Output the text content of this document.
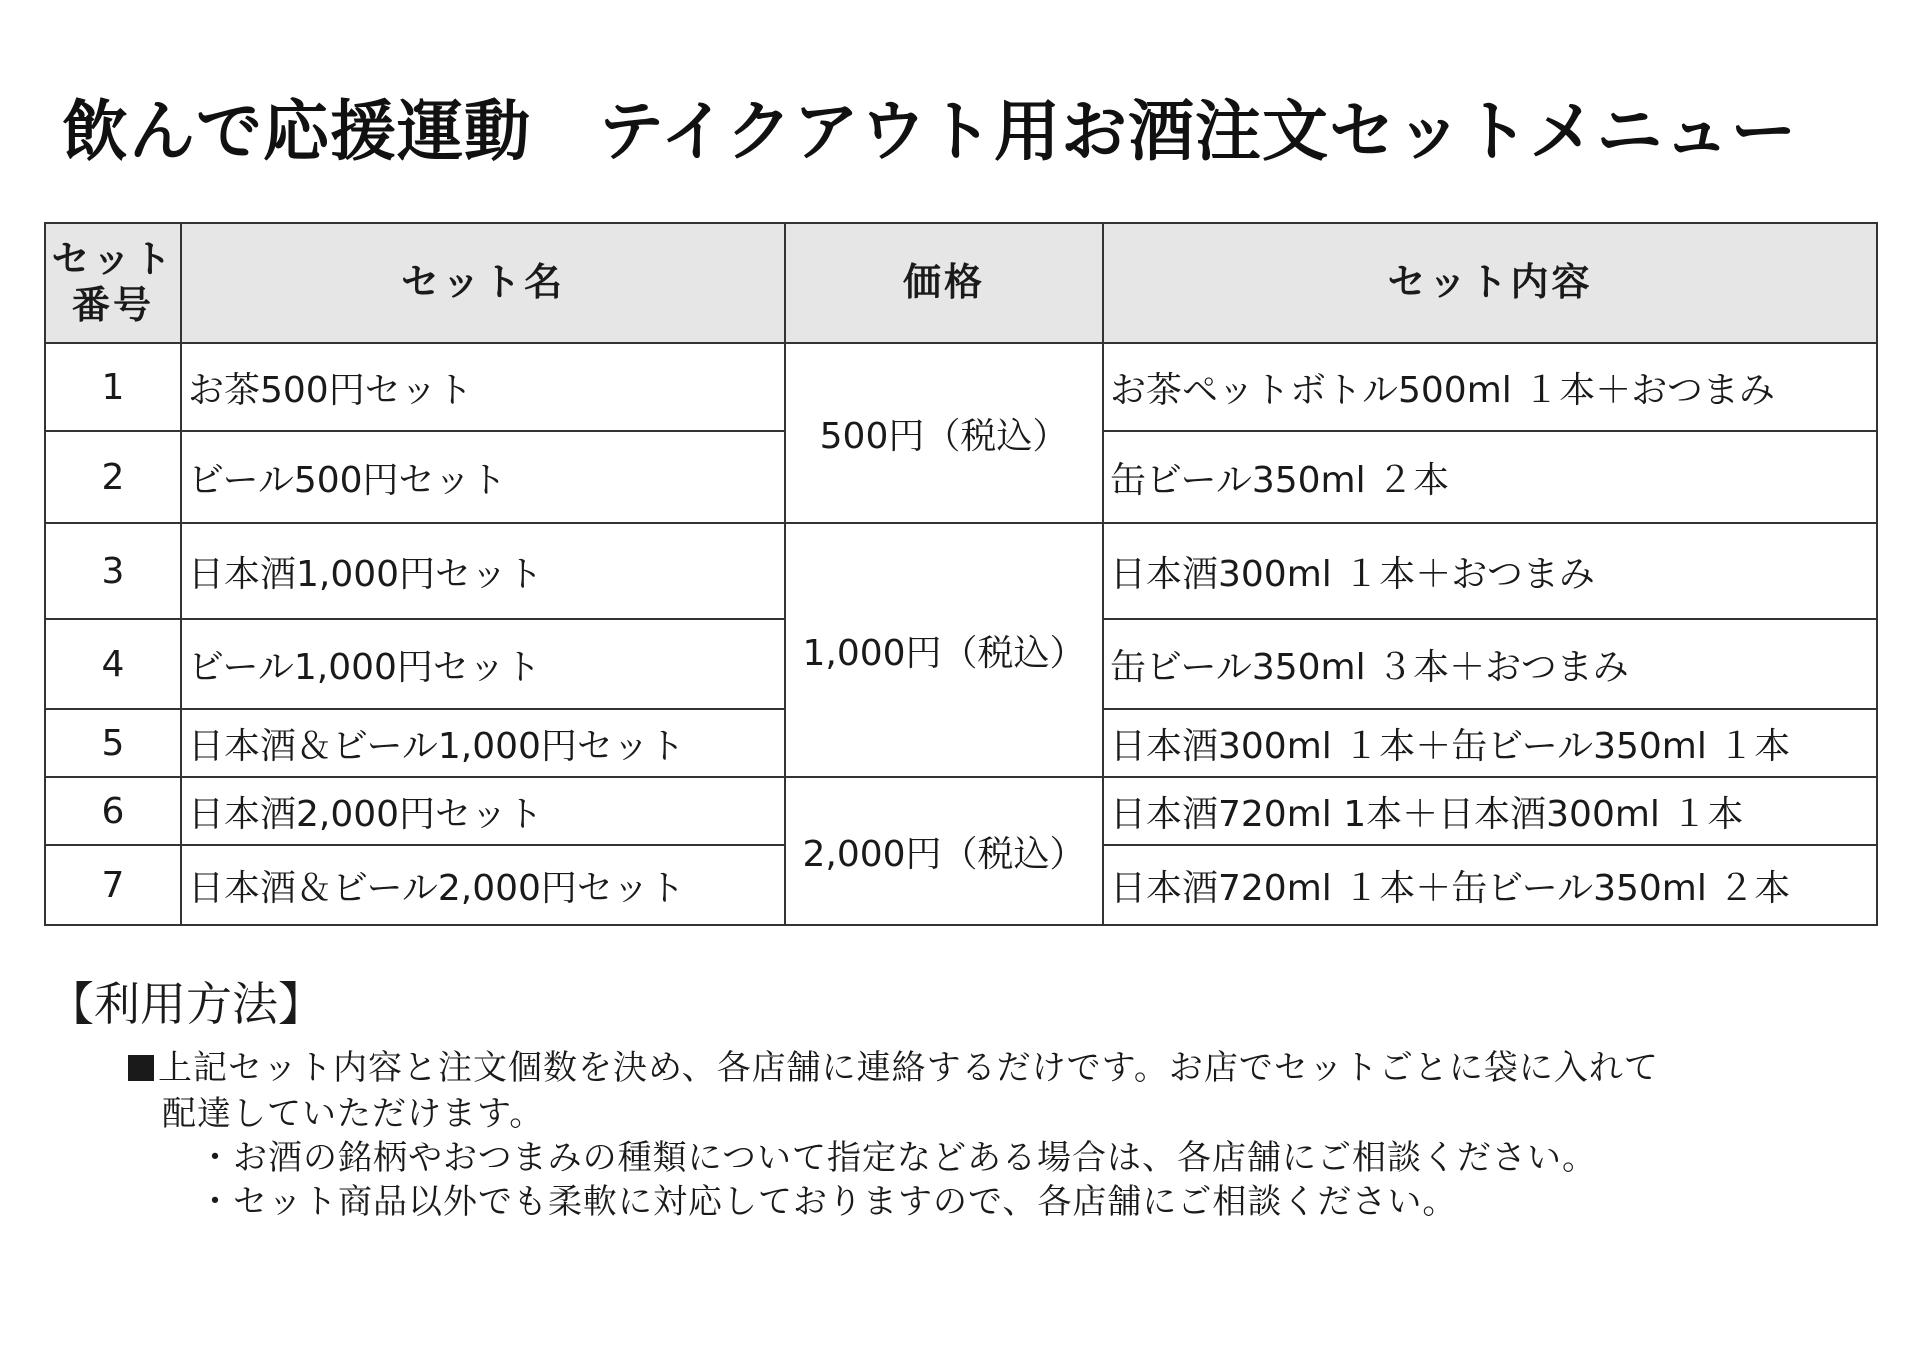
飲んで応援運動　テイクアウト用お酒注文セットメニュー
セット
番号	セット名	価格	セット内容
1	お茶500円セット	500円（税込）	お茶ペットボトル500ml １本＋おつまみ
2	ビール500円セット		缶ビール350ml ２本
3	日本酒1,000円セット	1,000円（税込）	日本酒300ml １本＋おつまみ
4	ビール1,000円セット		缶ビール350ml ３本＋おつまみ
5	日本酒＆ビール1,000円セット		日本酒300ml １本＋缶ビール350ml １本
6	日本酒2,000円セット	2,000円（税込）	日本酒720ml 1本＋日本酒300ml １本
7	日本酒＆ビール2,000円セット		日本酒720ml １本＋缶ビール350ml ２本
【利用方法】
上記セット内容と注文個数を決め、各店舗に連絡するだけです。お店でセットごとに袋に入れて
配達していただけます。
・お酒の銘柄やおつまみの種類について指定などある場合は、各店舗にご相談ください。
・セット商品以外でも柔軟に対応しておりますので、各店舗にご相談ください。
